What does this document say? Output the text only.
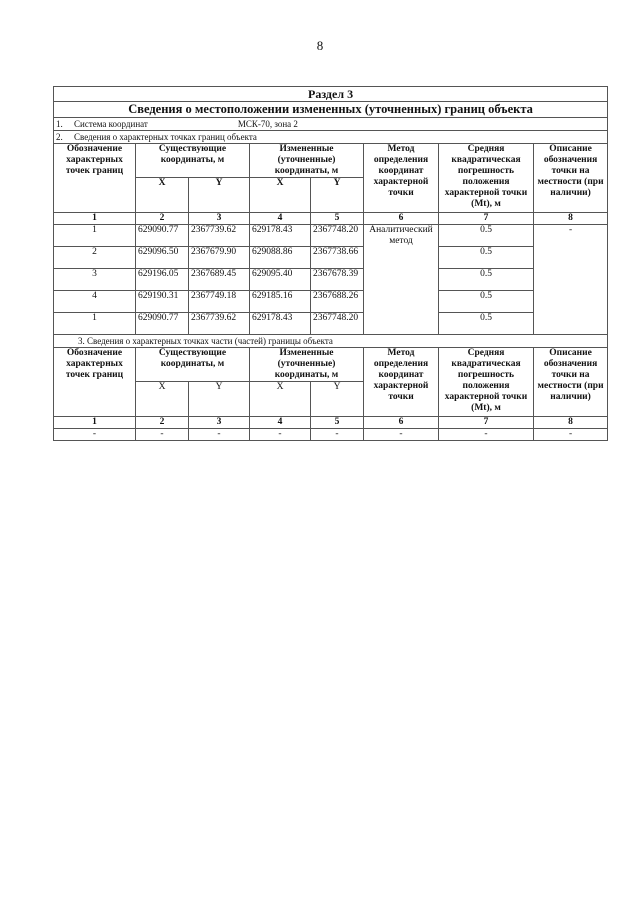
8
Раздел 3							
Сведения о местоположении измененных (уточненных) границ объекта							
1. Система координат МСК-70, зона 2							
2. Сведения о характерных точках границ объекта							
Обозначение характерных точек границ	Существующие координаты, м		Измененные (уточненные) координаты, м		Метод определения координат характерной точки	Средняя квадратическая погрешность положения характерной точки (Mt), м	Описание обозначения точки на местности (при наличии)
	X	Y	X	Y			
1	2	3	4	5	6	7	8
1	629090.77	2367739.62	629178.43	2367748.20	Аналитический метод	0.5	-
2	629096.50	2367679.90	629088.86	2367738.66		0.5	
3	629196.05	2367689.45	629095.40	2367678.39		0.5	
4	629190.31	2367749.18	629185.16	2367688.26		0.5	
1	629090.77	2367739.62	629178.43	2367748.20		0.5	
3. Сведения о характерных точках части (частей) границы объекта							
Обозначение характерных точек границ	Существующие координаты, м		Измененные (уточненные) координаты, м		Метод определения координат характерной точки	Средняя квадратическая погрешность положения характерной точки (Mt), м	Описание обозначения точки на местности (при наличии)
	X	Y	X	Y			
1	2	3	4	5	6	7	8
-	-	-	-	-	-	-	-
